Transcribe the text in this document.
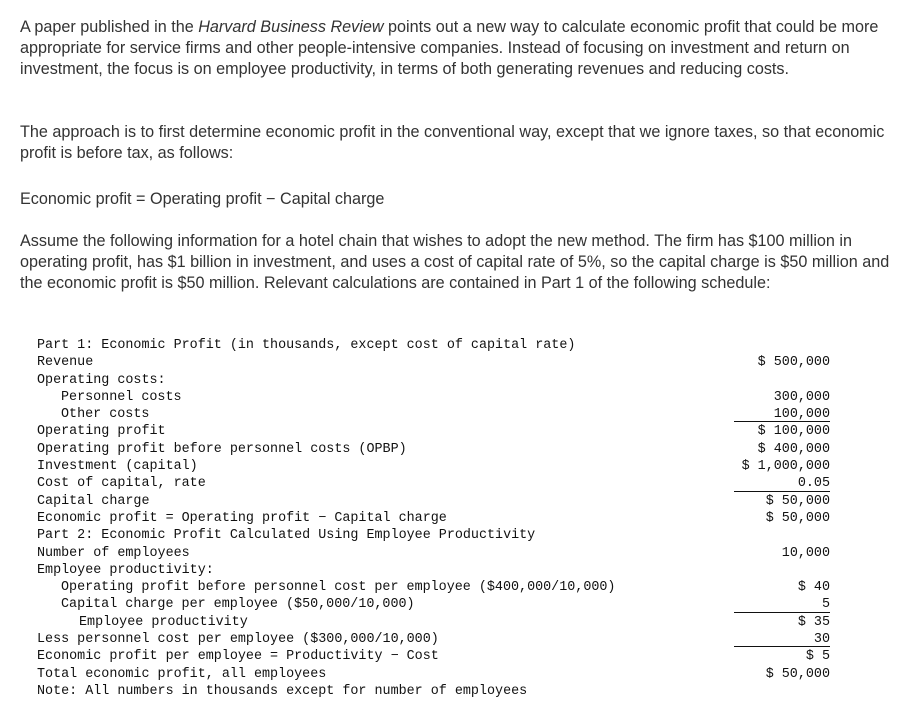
A paper published in the Harvard Business Review points out a new way to calculate economic profit that could be more appropriate for service firms and other people-intensive companies. Instead of focusing on investment and return on investment, the focus is on employee productivity, in terms of both generating revenues and reducing costs.

The approach is to first determine economic profit in the conventional way, except that we ignore taxes, so that economic profit is before tax, as follows:

Economic profit = Operating profit − Capital charge

Assume the following information for a hotel chain that wishes to adopt the new method. The firm has $100 million in operating profit, has $1 billion in investment, and uses a cost of capital rate of 5%, so the capital charge is $50 million and the economic profit is $50 million. Relevant calculations are contained in Part 1 of the following schedule:

Part 1: Economic Profit (in thousands, except cost of capital rate)
Revenue	$ 500,000
Operating costs:
Personnel costs	300,000
Other costs	100,000
Operating profit	$ 100,000
Operating profit before personnel costs (OPBP)	$ 400,000
Investment (capital)	$ 1,000,000
Cost of capital, rate	0.05
Capital charge	$ 50,000
Economic profit = Operating profit − Capital charge	$ 50,000
Part 2: Economic Profit Calculated Using Employee Productivity
Number of employees	10,000
Employee productivity:
Operating profit before personnel cost per employee ($400,000/10,000)	$ 40
Capital charge per employee ($50,000/10,000)	5
Employee productivity	$ 35
Less personnel cost per employee ($300,000/10,000)	30
Economic profit per employee = Productivity − Cost	$ 5
Total economic profit, all employees	$ 50,000
Note: All numbers in thousands except for number of employees
